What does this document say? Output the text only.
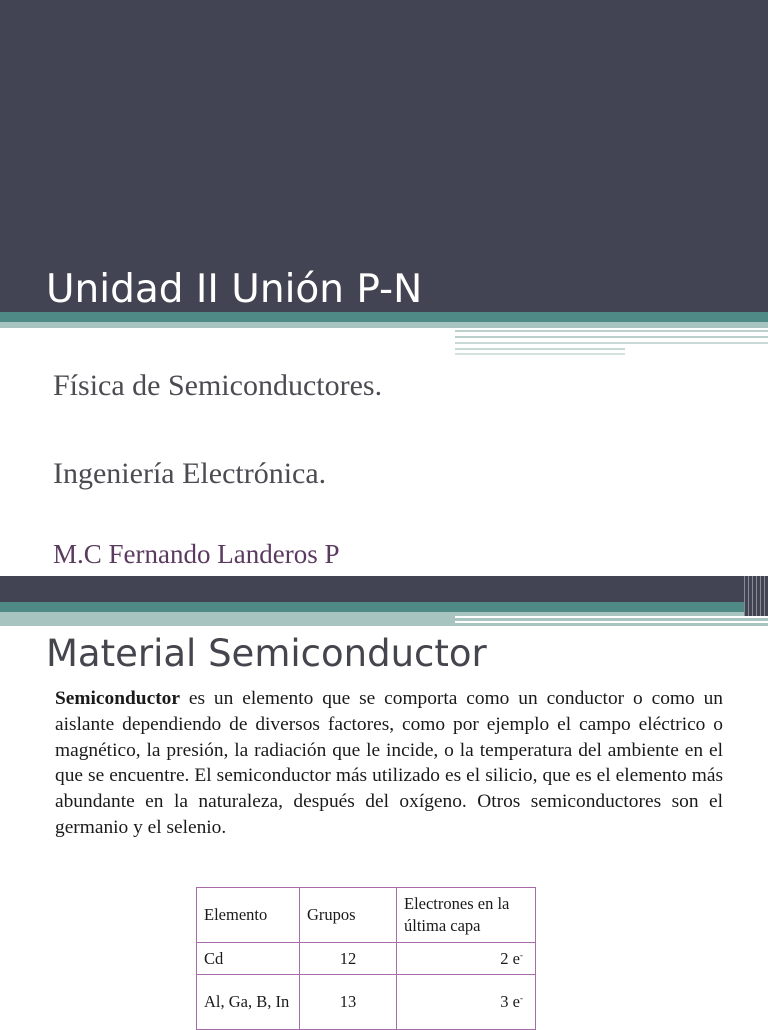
Unidad II Unión P-N
Física de Semiconductores.
Ingeniería Electrónica.
M.C Fernando Landeros P
Material Semiconductor
Semiconductor es un elemento que se comporta como un conductor o como un aislante dependiendo de diversos factores, como por ejemplo el campo eléctrico o magnético, la presión, la radiación que le incide, o la temperatura del ambiente en el que se encuentre. El semiconductor más utilizado es el silicio, que es el elemento más abundante en la naturaleza, después del oxígeno. Otros semiconductores son el germanio y el selenio.
Elemento	Grupos	Electrones en la última capa
Cd	12	2 e-
Al, Ga, B, In	13	3 e-
